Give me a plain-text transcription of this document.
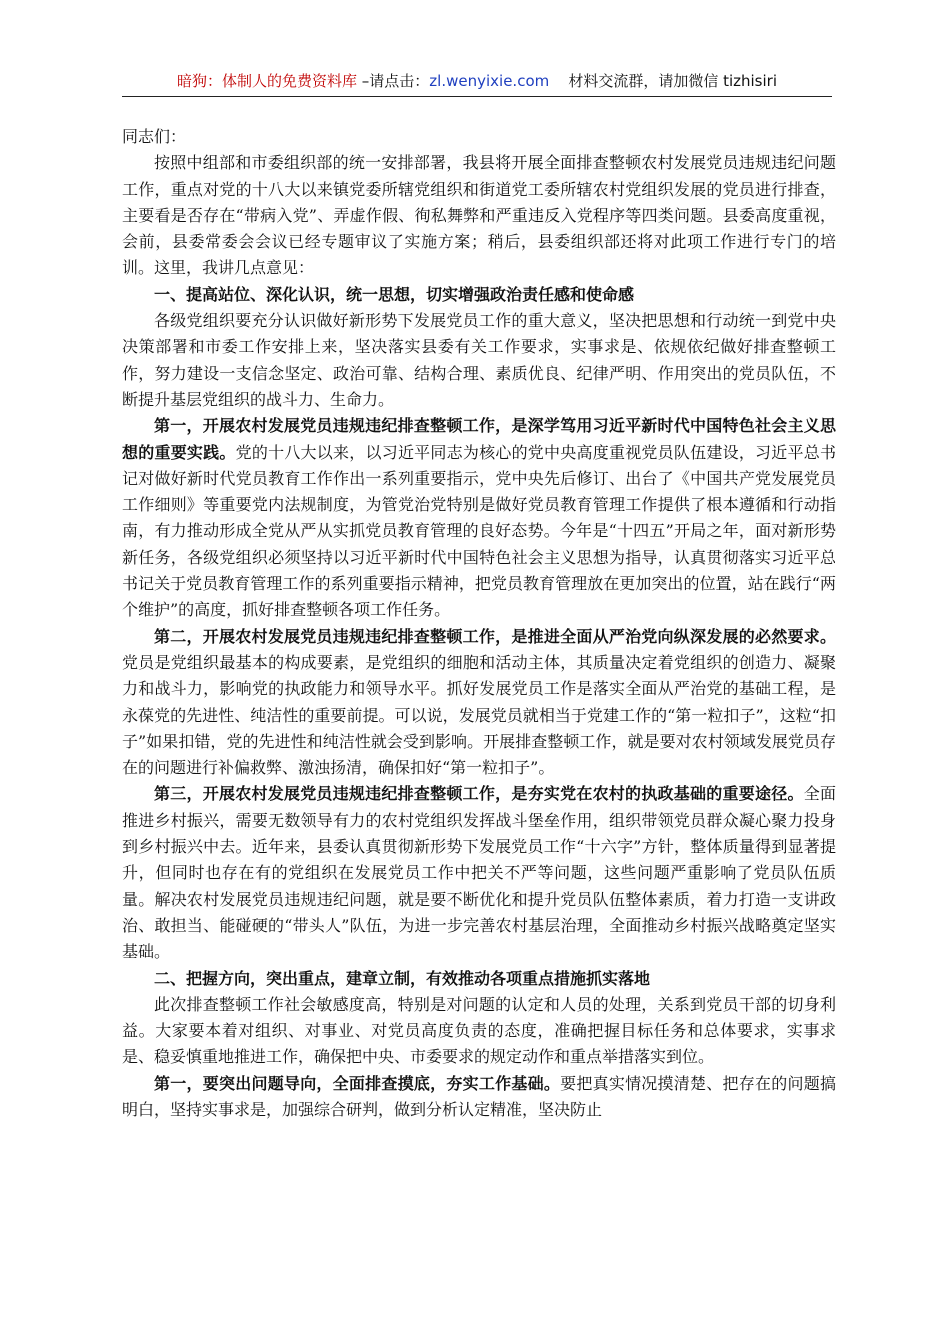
暗狗：体制人的免费资料库 –请点击：zl.wenyixie.com 材料交流群，请加微信 tizhisiri

同志们：

按照中组部和市委组织部的统一安排部署，我县将开展全面排查整顿农村发展党员违规违纪问题工作，重点对党的十八大以来镇党委所辖党组织和街道党工委所辖农村党组织发展的党员进行排查，主要看是否存在“带病入党”、弄虚作假、徇私舞弊和严重违反入党程序等四类问题。县委高度重视，会前，县委常委会会议已经专题审议了实施方案；稍后，县委组织部还将对此项工作进行专门的培训。这里，我讲几点意见：

一、提高站位、深化认识，统一思想，切实增强政治责任感和使命感

各级党组织要充分认识做好新形势下发展党员工作的重大意义，坚决把思想和行动统一到党中央决策部署和市委工作安排上来，坚决落实县委有关工作要求，实事求是、依规依纪做好排查整顿工作，努力建设一支信念坚定、政治可靠、结构合理、素质优良、纪律严明、作用突出的党员队伍，不断提升基层党组织的战斗力、生命力。

第一，开展农村发展党员违规违纪排查整顿工作，是深学笃用习近平新时代中国特色社会主义思想的重要实践。党的十八大以来，以习近平同志为核心的党中央高度重视党员队伍建设，习近平总书记对做好新时代党员教育工作作出一系列重要指示，党中央先后修订、出台了《中国共产党发展党员工作细则》等重要党内法规制度，为管党治党特别是做好党员教育管理工作提供了根本遵循和行动指南，有力推动形成全党从严从实抓党员教育管理的良好态势。今年是“十四五”开局之年，面对新形势新任务，各级党组织必须坚持以习近平新时代中国特色社会主义思想为指导，认真贯彻落实习近平总书记关于党员教育管理工作的系列重要指示精神，把党员教育管理放在更加突出的位置，站在践行“两个维护”的高度，抓好排查整顿各项工作任务。

第二，开展农村发展党员违规违纪排查整顿工作，是推进全面从严治党向纵深发展的必然要求。党员是党组织最基本的构成要素，是党组织的细胞和活动主体，其质量决定着党组织的创造力、凝聚力和战斗力，影响党的执政能力和领导水平。抓好发展党员工作是落实全面从严治党的基础工程，是永葆党的先进性、纯洁性的重要前提。可以说，发展党员就相当于党建工作的“第一粒扣子”，这粒“扣子”如果扣错，党的先进性和纯洁性就会受到影响。开展排查整顿工作，就是要对农村领域发展党员存在的问题进行补偏救弊、激浊扬清，确保扣好“第一粒扣子”。

第三，开展农村发展党员违规违纪排查整顿工作，是夯实党在农村的执政基础的重要途径。全面推进乡村振兴，需要无数领导有力的农村党组织发挥战斗堡垒作用，组织带领党员群众凝心聚力投身到乡村振兴中去。近年来，县委认真贯彻新形势下发展党员工作“十六字”方针，整体质量得到显著提升，但同时也存在有的党组织在发展党员工作中把关不严等问题，这些问题严重影响了党员队伍质量。解决农村发展党员违规违纪问题，就是要不断优化和提升党员队伍整体素质，着力打造一支讲政治、敢担当、能碰硬的“带头人”队伍，为进一步完善农村基层治理，全面推动乡村振兴战略奠定坚实基础。

二、把握方向，突出重点，建章立制，有效推动各项重点措施抓实落地

此次排查整顿工作社会敏感度高，特别是对问题的认定和人员的处理，关系到党员干部的切身利益。大家要本着对组织、对事业、对党员高度负责的态度，准确把握目标任务和总体要求，实事求是、稳妥慎重地推进工作，确保把中央、市委要求的规定动作和重点举措落实到位。

第一，要突出问题导向，全面排查摸底，夯实工作基础。要把真实情况摸清楚、把存在的问题搞明白，坚持实事求是，加强综合研判，做到分析认定精准，坚决防止
